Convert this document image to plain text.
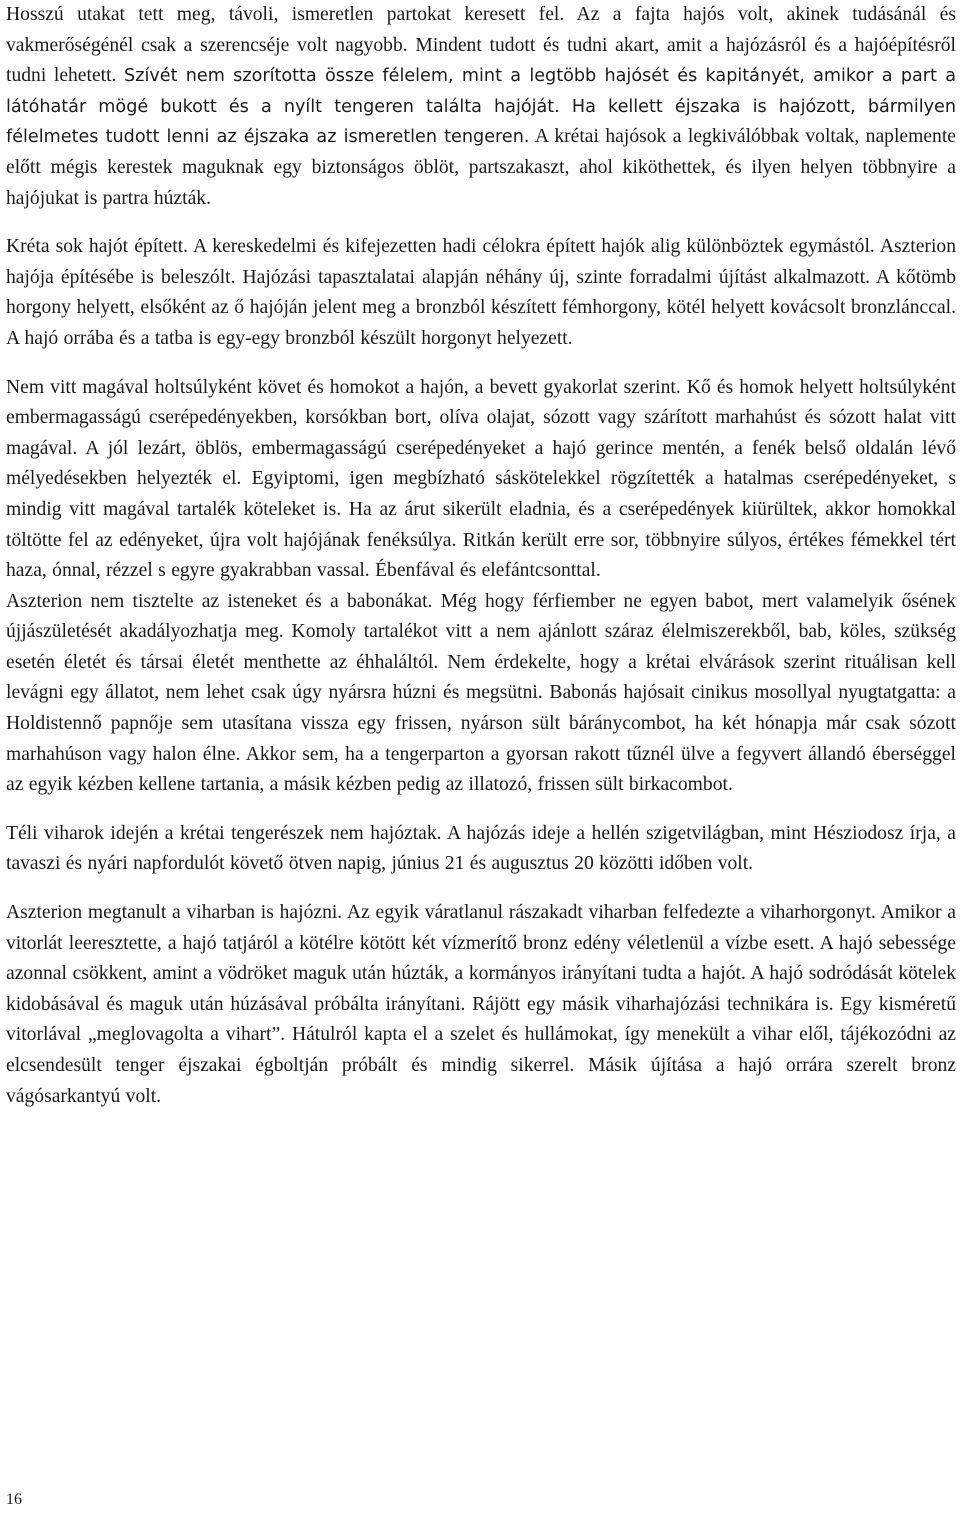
Hosszú utakat tett meg, távoli, ismeretlen partokat keresett fel. Az a fajta hajós volt, akinek tudásánál és vakmerőségénél csak a szerencséje volt nagyobb. Mindent tudott és tudni akart, amit a hajózásról és a hajóépítésről tudni lehetett. Szívét nem szorította össze félelem, mint a legtöbb hajósét és kapitányét, amikor a part a látóhatár mögé bukott és a nyílt tengeren találta hajóját. Ha kellett éjszaka is hajózott, bármilyen félelmetes tudott lenni az éjszaka az ismeretlen tengeren. A krétai hajósok a legkiválóbbak voltak, naplemente előtt mégis kerestek maguknak egy biztonságos öblöt, partszakaszt, ahol kiköthettek, és ilyen helyen többnyire a hajójukat is partra húzták.

Kréta sok hajót épített. A kereskedelmi és kifejezetten hadi célokra épített hajók alig különböztek egymástól. Aszterion hajója építésébe is beleszólt. Hajózási tapasztalatai alapján néhány új, szinte forradalmi újítást alkalmazott. A kőtömb horgony helyett, elsőként az ő hajóján jelent meg a bronzból készített fémhorgony, kötél helyett kovácsolt bronzlánccal. A hajó orrába és a tatba is egy-egy bronzból készült horgonyt helyezett.

Nem vitt magával holtsúlyként követ és homokot a hajón, a bevett gyakorlat szerint. Kő és homok helyett holtsúlyként embermagasságú cserépedényekben, korsókban bort, olíva olajat, sózott vagy szárított marhahúst és sózott halat vitt magával. A jól lezárt, öblös, embermagasságú cserépedényeket a hajó gerince mentén, a fenék belső oldalán lévő mélyedésekben helyezték el. Egyiptomi, igen megbízható sáskötelekkel rögzítették a hatalmas cserépedényeket, s mindig vitt magával tartalék köteleket is. Ha az árut sikerült eladnia, és a cserépedények kiürültek, akkor homokkal töltötte fel az edényeket, újra volt hajójának fenéksúlya. Ritkán került erre sor, többnyire súlyos, értékes fémekkel tért haza, ónnal, rézzel s egyre gyakrabban vassal. Ébenfával és elefántcsonttal.

Aszterion nem tisztelte az isteneket és a babonákat. Még hogy férfiember ne egyen babot, mert valamelyik ősének újjászületését akadályozhatja meg. Komoly tartalékot vitt a nem ajánlott száraz élelmiszerekből, bab, köles, szükség esetén életét és társai életét menthette az éhhaláltól. Nem érdekelte, hogy a krétai elvárások szerint rituálisan kell levágni egy állatot, nem lehet csak úgy nyársra húzni és megsütni. Babonás hajósait cinikus mosollyal nyugtatgatta: a Holdistennő papnője sem utasítana vissza egy frissen, nyárson sült báránycombot, ha két hónapja már csak sózott marhahúson vagy halon élne. Akkor sem, ha a tengerparton a gyorsan rakott tűznél ülve a fegyvert állandó éberséggel az egyik kézben kellene tartania, a másik kézben pedig az illatozó, frissen sült birkacombot.

Téli viharok idején a krétai tengerészek nem hajóztak. A hajózás ideje a hellén szigetvilágban, mint Hésziodosz írja, a tavaszi és nyári napfordulót követő ötven napig, június 21 és augusztus 20 közötti időben volt.

Aszterion megtanult a viharban is hajózni. Az egyik váratlanul rászakadt viharban felfedezte a viharhorgonyt. Amikor a vitorlát leeresztette, a hajó tatjáról a kötélre kötött két vízmerítő bronz edény véletlenül a vízbe esett. A hajó sebessége azonnal csökkent, amint a vödröket maguk után húzták, a kormányos irányítani tudta a hajót. A hajó sodródását kötelek kidobásával és maguk után húzásával próbálta irányítani. Rájött egy másik viharhajózási technikára is. Egy kisméretű vitorlával „meglovagolta a vihart”. Hátulról kapta el a szelet és hullámokat, így menekült a vihar elől, tájékozódni az elcsendesült tenger éjszakai égboltján próbált és mindig sikerrel. Másik újítása a hajó orrára szerelt bronz vágósarkantyú volt.

16
